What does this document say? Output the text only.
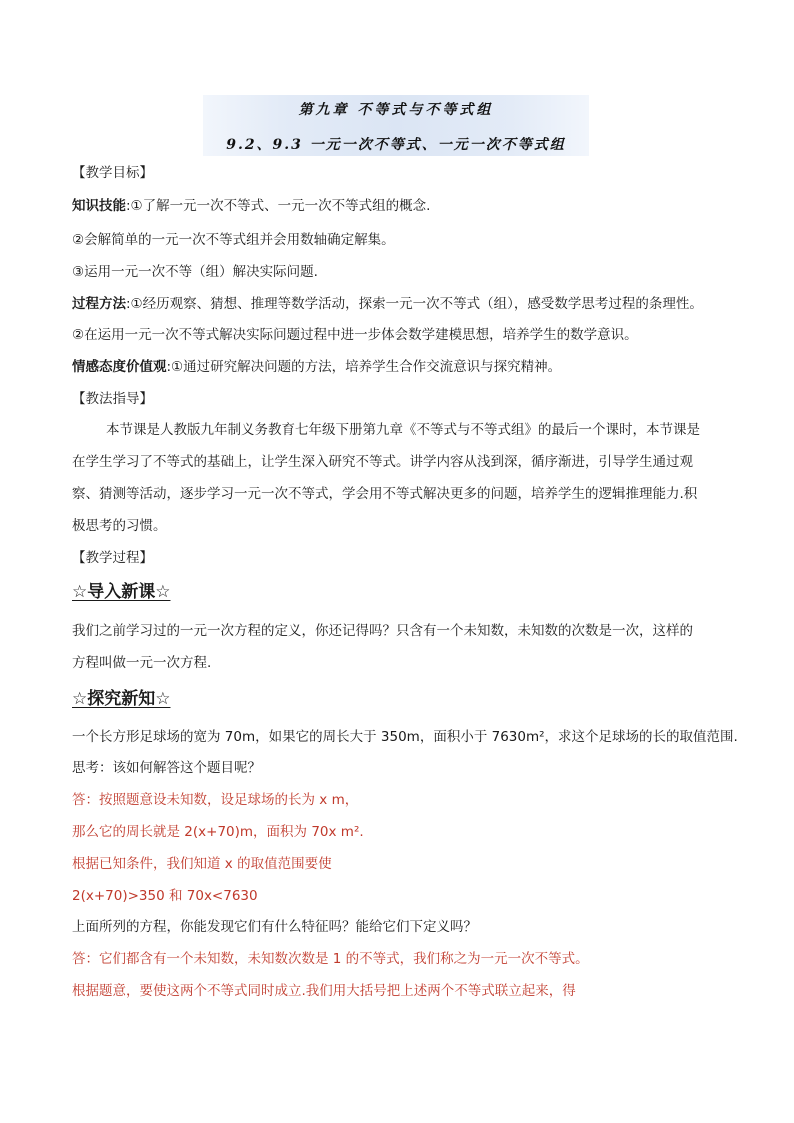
第九章 不等式与不等式组
9.2、9.3 一元一次不等式、一元一次不等式组
【教学目标】
知识技能:①了解一元一次不等式、一元一次不等式组的概念.
②会解简单的一元一次不等式组并会用数轴确定解集。
③运用一元一次不等（组）解决实际问题.
过程方法:①经历观察、猜想、推理等数学活动，探索一元一次不等式（组），感受数学思考过程的条理性。
②在运用一元一次不等式解决实际问题过程中进一步体会数学建模思想，培养学生的数学意识。
情感态度价值观:①通过研究解决问题的方法，培养学生合作交流意识与探究精神。
【教法指导】
本节课是人教版九年制义务教育七年级下册第九章《不等式与不等式组》的最后一个课时，本节课是
在学生学习了不等式的基础上，让学生深入研究不等式。讲学内容从浅到深，循序渐进，引导学生通过观
察、猜测等活动，逐步学习一元一次不等式，学会用不等式解决更多的问题，培养学生的逻辑推理能力.积
极思考的习惯。
【教学过程】
☆导入新课☆
我们之前学习过的一元一次方程的定义，你还记得吗？只含有一个未知数，未知数的次数是一次，这样的
方程叫做一元一次方程.
☆探究新知☆
一个长方形足球场的宽为 70m，如果它的周长大于 350m，面积小于 7630m²，求这个足球场的长的取值范围.
思考：该如何解答这个题目呢？
答：按照题意设未知数，设足球场的长为 x m，
那么它的周长就是 2(x+70)m，面积为 70x m².
根据已知条件，我们知道 x 的取值范围要使
2(x+70)>350 和 70x<7630
上面所列的方程，你能发现它们有什么特征吗？能给它们下定义吗？
答：它们都含有一个未知数，未知数次数是 1 的不等式，我们称之为一元一次不等式。
根据题意，要使这两个不等式同时成立.我们用大括号把上述两个不等式联立起来，得
